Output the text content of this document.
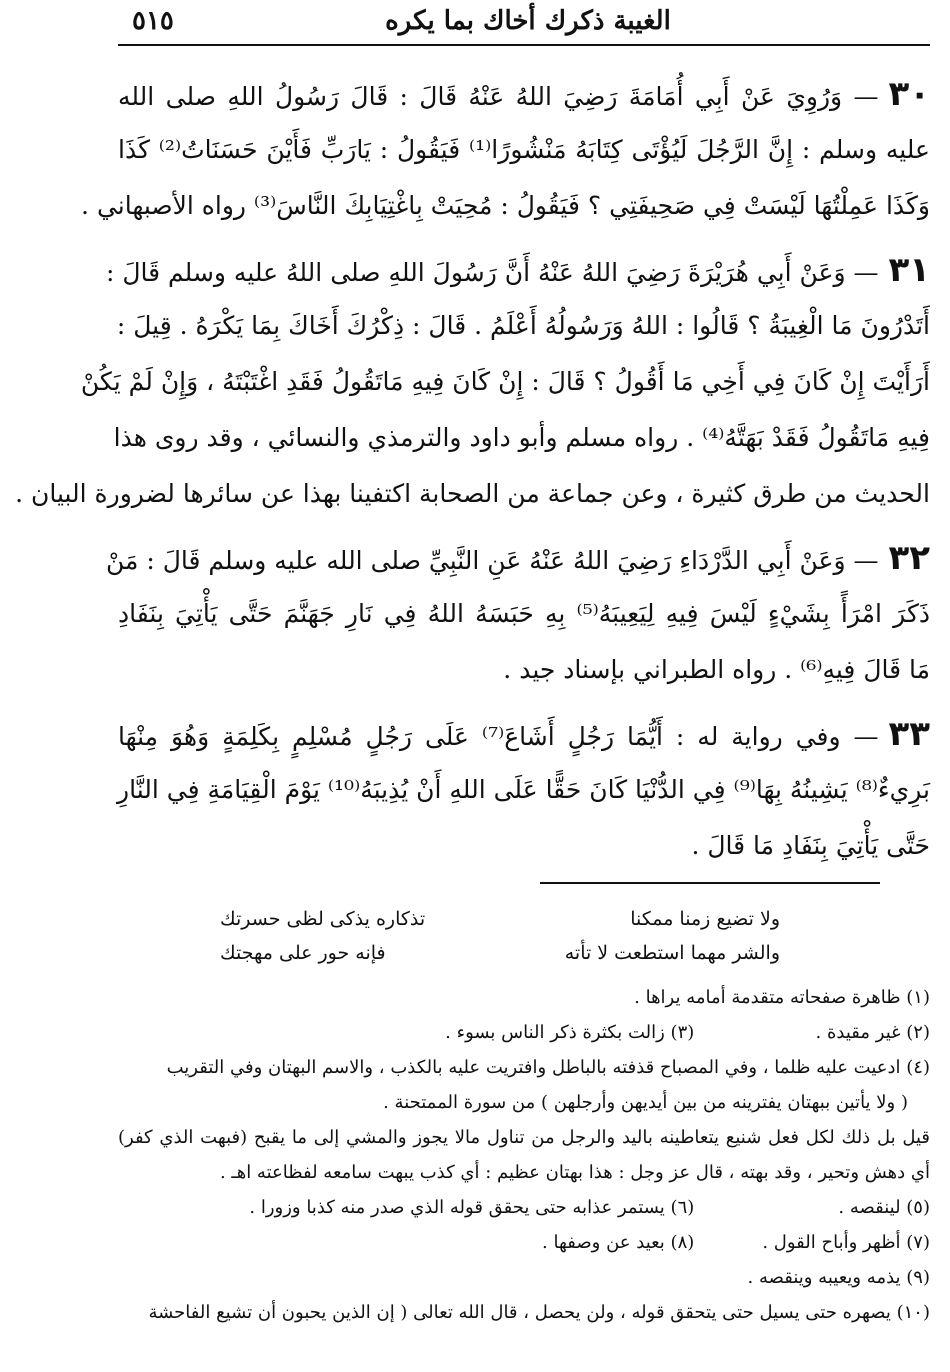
٥١٥	الغيبة ذكرك أخاك بما يكره
٣٠— وَرُوِيَ عَنْ أَبِي أُمَامَةَ رَضِيَ اللهُ عَنْهُ قَالَ : قَالَ رَسُولُ اللهِ صلى الله
عليه وسلم : إِنَّ الرَّجُلَ لَيُؤْتَى كِتَابَهُ مَنْشُورًا⁽¹⁾ فَيَقُولُ : يَارَبِّ فَأَيْنَ حَسَنَاتُ⁽²⁾ كَذَا
وَكَذَا عَمِلْتُهَا لَيْسَتْ فِي صَحِيفَتِي ؟ فَيَقُولُ : مُحِيَتْ بِاغْتِيَابِكَ النَّاسَ⁽³⁾ رواه الأصبهاني .
٣١— وَعَنْ أَبِي هُرَيْرَةَ رَضِيَ اللهُ عَنْهُ أَنَّ رَسُولَ اللهِ صلى اللهُ عليه وسلم قَالَ :
أَتَدْرُونَ مَا الْغِيبَةُ ؟ قَالُوا : اللهُ وَرَسُولُهُ أَعْلَمُ . قَالَ : ذِكْرُكَ أَخَاكَ بِمَا يَكْرَهُ . قِيلَ :
أَرَأَيْتَ إِنْ كَانَ فِي أَخِي مَا أَقُولُ ؟ قَالَ : إِنْ كَانَ فِيهِ مَاتَقُولُ فَقَدِ اغْتَبْتَهُ ، وَإِنْ لَمْ يَكُنْ
فِيهِ مَاتَقُولُ فَقَدْ بَهَتَّهُ⁽⁴⁾ . رواه مسلم وأبو داود والترمذي والنسائي ، وقد روى هذا
الحديث من طرق كثيرة ، وعن جماعة من الصحابة اكتفينا بهذا عن سائرها لضرورة البيان .
٣٢— وَعَنْ أَبِي الدَّرْدَاءِ رَضِيَ اللهُ عَنْهُ عَنِ النَّبِيِّ صلى الله عليه وسلم قَالَ : مَنْ
ذَكَرَ امْرَأً بِشَيْءٍ لَيْسَ فِيهِ لِيَعِيبَهُ⁽⁵⁾ بِهِ حَبَسَهُ اللهُ فِي نَارِ جَهَنَّمَ حَتَّى يَأْتِيَ بِنَفَادِ
مَا قَالَ فِيهِ⁽⁶⁾ . رواه الطبراني بإسناد جيد .
٣٣— وفي رواية له : أَيُّمَا رَجُلٍ أَشَاعَ⁽⁷⁾ عَلَى رَجُلٍ مُسْلِمٍ بِكَلِمَةٍ وَهُوَ مِنْهَا
بَرِيءٌ⁽⁸⁾ يَشِينُهُ بِهَا⁽⁹⁾ فِي الدُّنْيَا كَانَ حَقًّا عَلَى اللهِ أَنْ يُذِيبَهُ⁽¹⁰⁾ يَوْمَ الْقِيَامَةِ فِي النَّارِ
حَتَّى يَأْتِيَ بِنَفَادِ مَا قَالَ .
ولا تضيع زمنا ممكنا
تذكاره يذكى لظى حسرتك
والشر مهما استطعت لا تأته
فإنه حور على مهجتك
(١) ظاهرة صفحاته متقدمة أمامه يراها .
(٢) غير مقيدة . (٣) زالت بكثرة ذكر الناس بسوء .
(٤) ادعيت عليه ظلما ، وفي المصباح قذفته بالباطل وافتريت عليه بالكذب ، والاسم البهتان وفي التقريب
( ولا يأتين ببهتان يفترينه من بين أيديهن وأرجلهن ) من سورة الممتحنة .
قيل بل ذلك لكل فعل شنيع يتعاطينه باليد والرجل من تناول مالا يجوز والمشي إلى ما يقبح (فبهت الذي كفر)
أي دهش وتحير ، وقد بهته ، قال عز وجل : هذا بهتان عظيم : أي كذب يبهت سامعه لفظاعته اهـ .
(٥) لينقصه . (٦) يستمر عذابه حتى يحقق قوله الذي صدر منه كذبا وزورا .
(٧) أظهر وأباح القول . (٨) بعيد عن وصفها .
(٩) يذمه ويعيبه وينقصه .
(١٠) يصهره حتى يسيل حتى يتحقق قوله ، ولن يحصل ، قال الله تعالى ( إن الذين يحبون أن تشيع الفاحشة
